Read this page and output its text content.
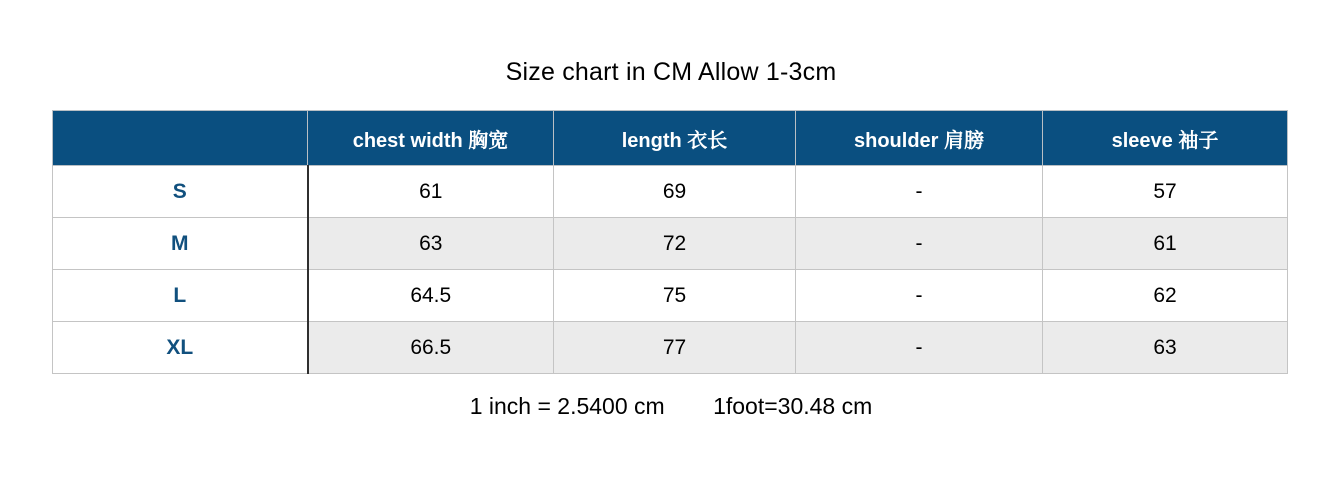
Size chart in CM Allow 1-3cm
	chest width 胸宽	length 衣长	shoulder 肩膀	sleeve 袖子
S	61	69	-	57
M	63	72	-	61
L	64.5	75	-	62
XL	66.5	77	-	63
1 inch = 2.5400 cm 1foot=30.48 cm
